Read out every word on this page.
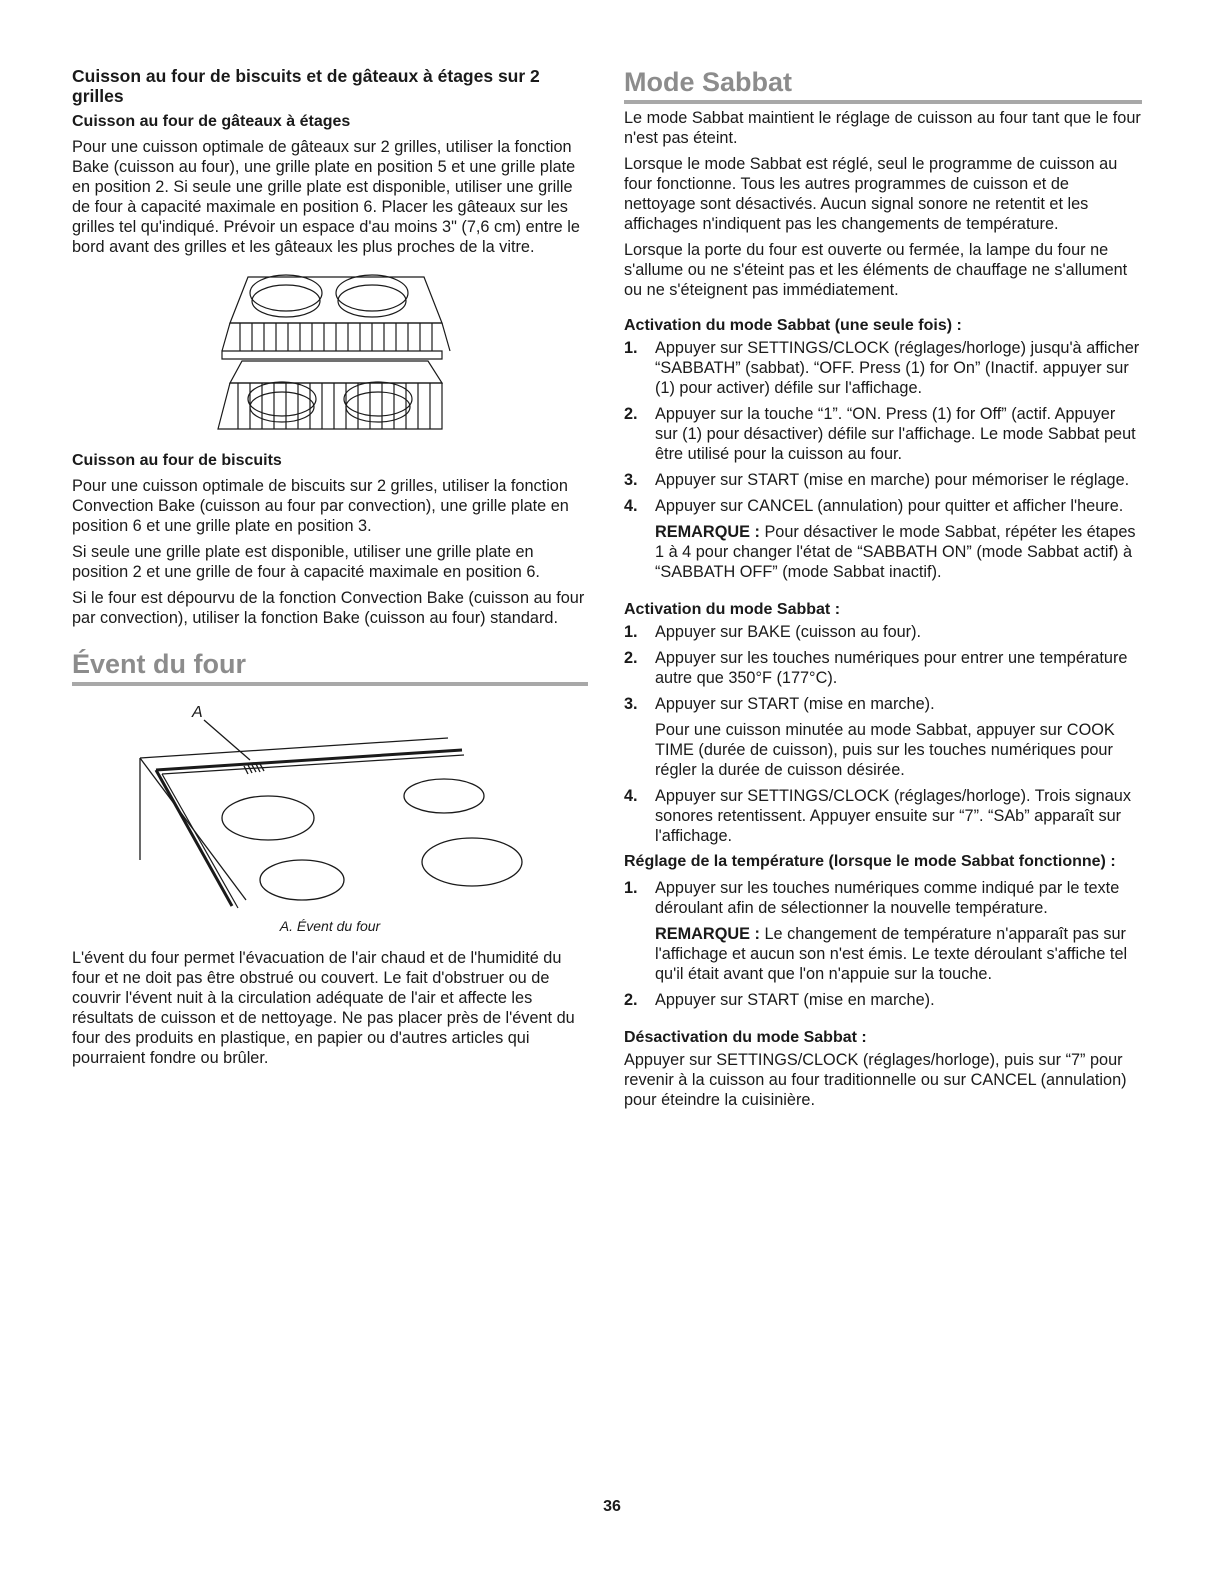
Cuisson au four de biscuits et de gâteaux à étages sur 2 grilles
Cuisson au four de gâteaux à étages

Pour une cuisson optimale de gâteaux sur 2 grilles, utiliser la fonction Bake (cuisson au four), une grille plate en position 5 et une grille plate en position 2. Si seule une grille plate est disponible, utiliser une grille de four à capacité maximale en position 6. Placer les gâteaux sur les grilles tel qu'indiqué. Prévoir un espace d'au moins 3" (7,6 cm) entre le bord avant des grilles et les gâteaux les plus proches de la vitre.

Cuisson au four de biscuits

Pour une cuisson optimale de biscuits sur 2 grilles, utiliser la fonction Convection Bake (cuisson au four par convection), une grille plate en position 6 et une grille plate en position 3.

Si seule une grille plate est disponible, utiliser une grille plate en position 2 et une grille de four à capacité maximale en position 6.

Si le four est dépourvu de la fonction Convection Bake (cuisson au four par convection), utiliser la fonction Bake (cuisson au four) standard.

Évent du four
A
A. Évent du four

L'évent du four permet l'évacuation de l'air chaud et de l'humidité du four et ne doit pas être obstrué ou couvert. Le fait d'obstruer ou de couvrir l'évent nuit à la circulation adéquate de l'air et affecte les résultats de cuisson et de nettoyage. Ne pas placer près de l'évent du four des produits en plastique, en papier ou d'autres articles qui pourraient fondre ou brûler.

Mode Sabbat

Le mode Sabbat maintient le réglage de cuisson au four tant que le four n'est pas éteint.

Lorsque le mode Sabbat est réglé, seul le programme de cuisson au four fonctionne. Tous les autres programmes de cuisson et de nettoyage sont désactivés. Aucun signal sonore ne retentit et les affichages n'indiquent pas les changements de température.

Lorsque la porte du four est ouverte ou fermée, la lampe du four ne s'allume ou ne s'éteint pas et les éléments de chauffage ne s'allument ou ne s'éteignent pas immédiatement.

Activation du mode Sabbat (une seule fois) :
1. Appuyer sur SETTINGS/CLOCK (réglages/horloge) jusqu'à afficher “SABBATH” (sabbat). “OFF. Press (1) for On” (Inactif. appuyer sur (1) pour activer) défile sur l'affichage.

2. Appuyer sur la touche “1”. “ON. Press (1) for Off” (actif. Appuyer sur (1) pour désactiver) défile sur l'affichage. Le mode Sabbat peut être utilisé pour la cuisson au four.

3. Appuyer sur START (mise en marche) pour mémoriser le réglage.

4. Appuyer sur CANCEL (annulation) pour quitter et afficher l'heure.

REMARQUE : Pour désactiver le mode Sabbat, répéter les étapes 1 à 4 pour changer l'état de “SABBATH ON” (mode Sabbat actif) à “SABBATH OFF” (mode Sabbat inactif).

Activation du mode Sabbat :
1. Appuyer sur BAKE (cuisson au four).

2. Appuyer sur les touches numériques pour entrer une température autre que 350°F (177°C).

3. Appuyer sur START (mise en marche).

Pour une cuisson minutée au mode Sabbat, appuyer sur COOK TIME (durée de cuisson), puis sur les touches numériques pour régler la durée de cuisson désirée.

4. Appuyer sur SETTINGS/CLOCK (réglages/horloge). Trois signaux sonores retentissent. Appuyer ensuite sur “7”. “SAb” apparaît sur l'affichage.

Réglage de la température (lorsque le mode Sabbat fonctionne) :
1. Appuyer sur les touches numériques comme indiqué par le texte déroulant afin de sélectionner la nouvelle température.

REMARQUE : Le changement de température n'apparaît pas sur l'affichage et aucun son n'est émis. Le texte déroulant s'affiche tel qu'il était avant que l'on n'appuie sur la touche.

2. Appuyer sur START (mise en marche).

Désactivation du mode Sabbat :

Appuyer sur SETTINGS/CLOCK (réglages/horloge), puis sur “7” pour revenir à la cuisson au four traditionnelle ou sur CANCEL (annulation) pour éteindre la cuisinière.

36
